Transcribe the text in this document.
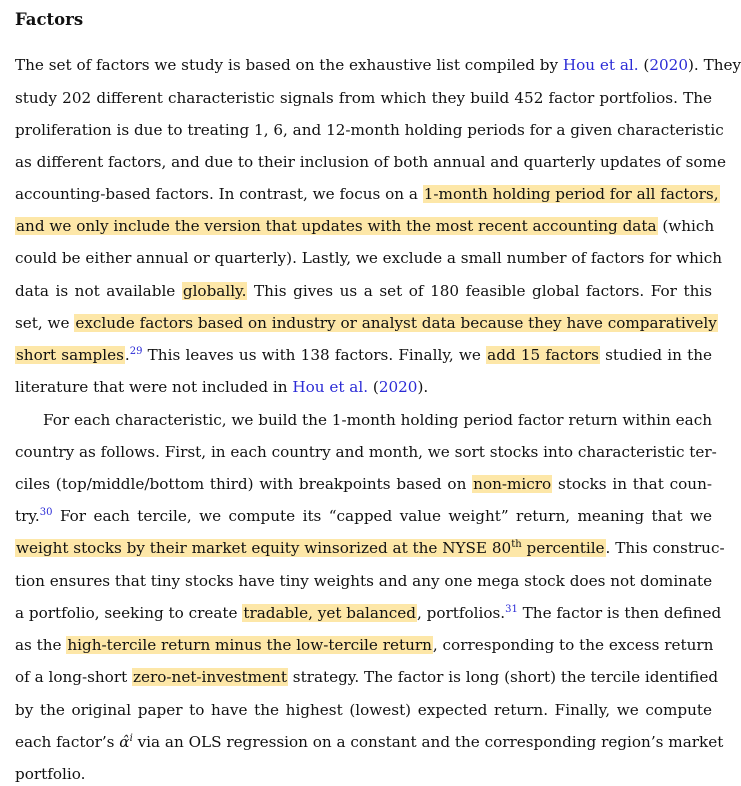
Factors
The set of factors we study is based on the exhaustive list compiled by Hou et al. (2020). They
study 202 different characteristic signals from which they build 452 factor portfolios. The
proliferation is due to treating 1, 6, and 12-month holding periods for a given characteristic
as different factors, and due to their inclusion of both annual and quarterly updates of some
accounting-based factors. In contrast, we focus on a 1-month holding period for all factors,
and we only include the version that updates with the most recent accounting data (which
could be either annual or quarterly). Lastly, we exclude a small number of factors for which
data is not available globally. This gives us a set of 180 feasible global factors. For this
set, we exclude factors based on industry or analyst data because they have comparatively
short samples.$^{29}$ This leaves us with 138 factors. Finally, we add 15 factors studied in the
literature that were not included in Hou et al. (2020).
For each characteristic, we build the 1-month holding period factor return within each
country as follows. First, in each country and month, we sort stocks into characteristic ter-
ciles (top/middle/bottom third) with breakpoints based on non-micro stocks in that coun-
try.$^{30}$ For each tercile, we compute its “capped value weight” return, meaning that we
weight stocks by their market equity winsorized at the NYSE 80th percentile. This construc-
tion ensures that tiny stocks have tiny weights and any one mega stock does not dominate
a portfolio, seeking to create tradable, yet balanced, portfolios.$^{31}$ The factor is then defined
as the high-tercile return minus the low-tercile return, corresponding to the excess return
of a long-short zero-net-investment strategy. The factor is long (short) the tercile identified
by the original paper to have the highest (lowest) expected return. Finally, we compute
each factor’s α̂$^i$ via an OLS regression on a constant and the corresponding region’s market
portfolio.
